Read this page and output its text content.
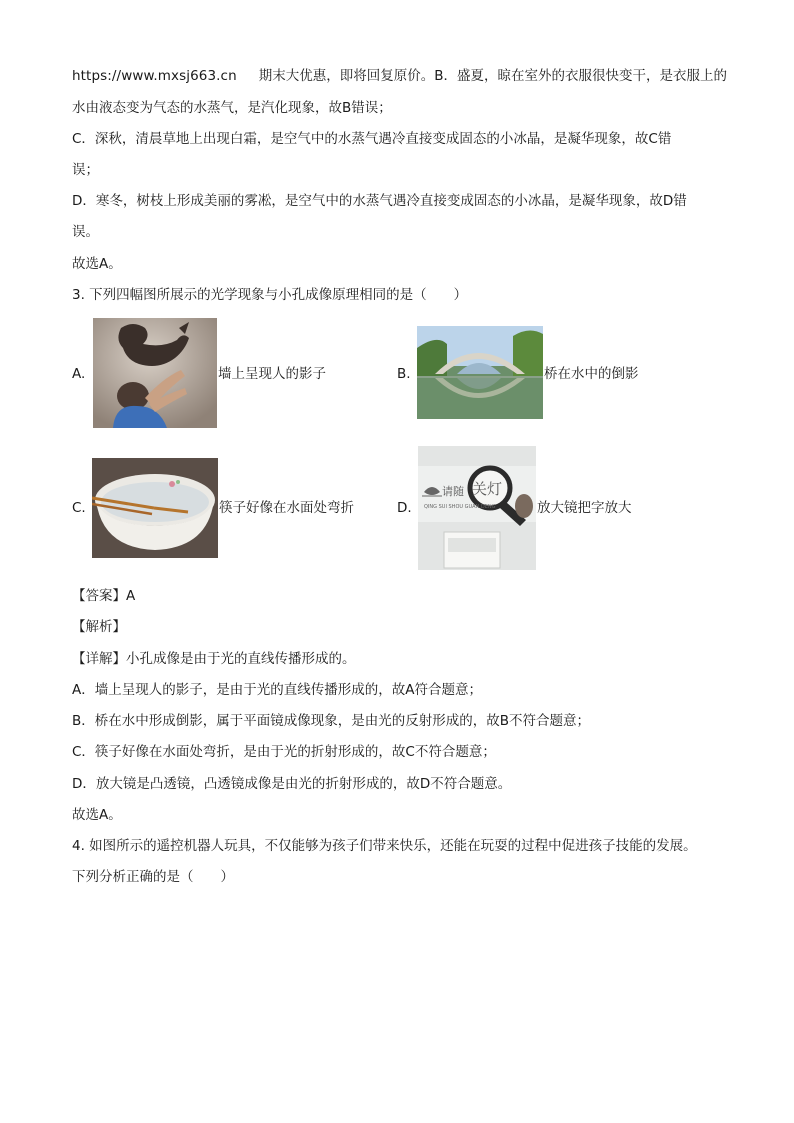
https://www.mxsj663.cn 期末大优惠，即将回复原价。B．盛夏，晾在室外的衣服很快变干，是衣服上的
水由液态变为气态的水蒸气，是汽化现象，故B错误；
C．深秋，清晨草地上出现白霜，是空气中的水蒸气遇冷直接变成固态的小冰晶，是凝华现象，故C错
误；
D．寒冬，树枝上形成美丽的雾凇，是空气中的水蒸气遇冷直接变成固态的小冰晶，是凝华现象，故D错
误。
故选A。
3. 下列四幅图所展示的光学现象与小孔成像原理相同的是（　　）
A.	墙上呈现人的影子	B.	桥在水中的倒影
C.	筷子好像在水面处弯折	D.
请随 关灯
QING SUI SHOU GUAN DENG	放大镜把字放大
【答案】A
【解析】
【详解】小孔成像是由于光的直线传播形成的。
A．墙上呈现人的影子，是由于光的直线传播形成的，故A符合题意；
B．桥在水中形成倒影，属于平面镜成像现象，是由光的反射形成的，故B不符合题意；
C．筷子好像在水面处弯折，是由于光的折射形成的，故C不符合题意；
D．放大镜是凸透镜，凸透镜成像是由光的折射形成的，故D不符合题意。
故选A。
4. 如图所示的遥控机器人玩具，不仅能够为孩子们带来快乐，还能在玩耍的过程中促进孩子技能的发展。
下列分析正确的是（　　）
